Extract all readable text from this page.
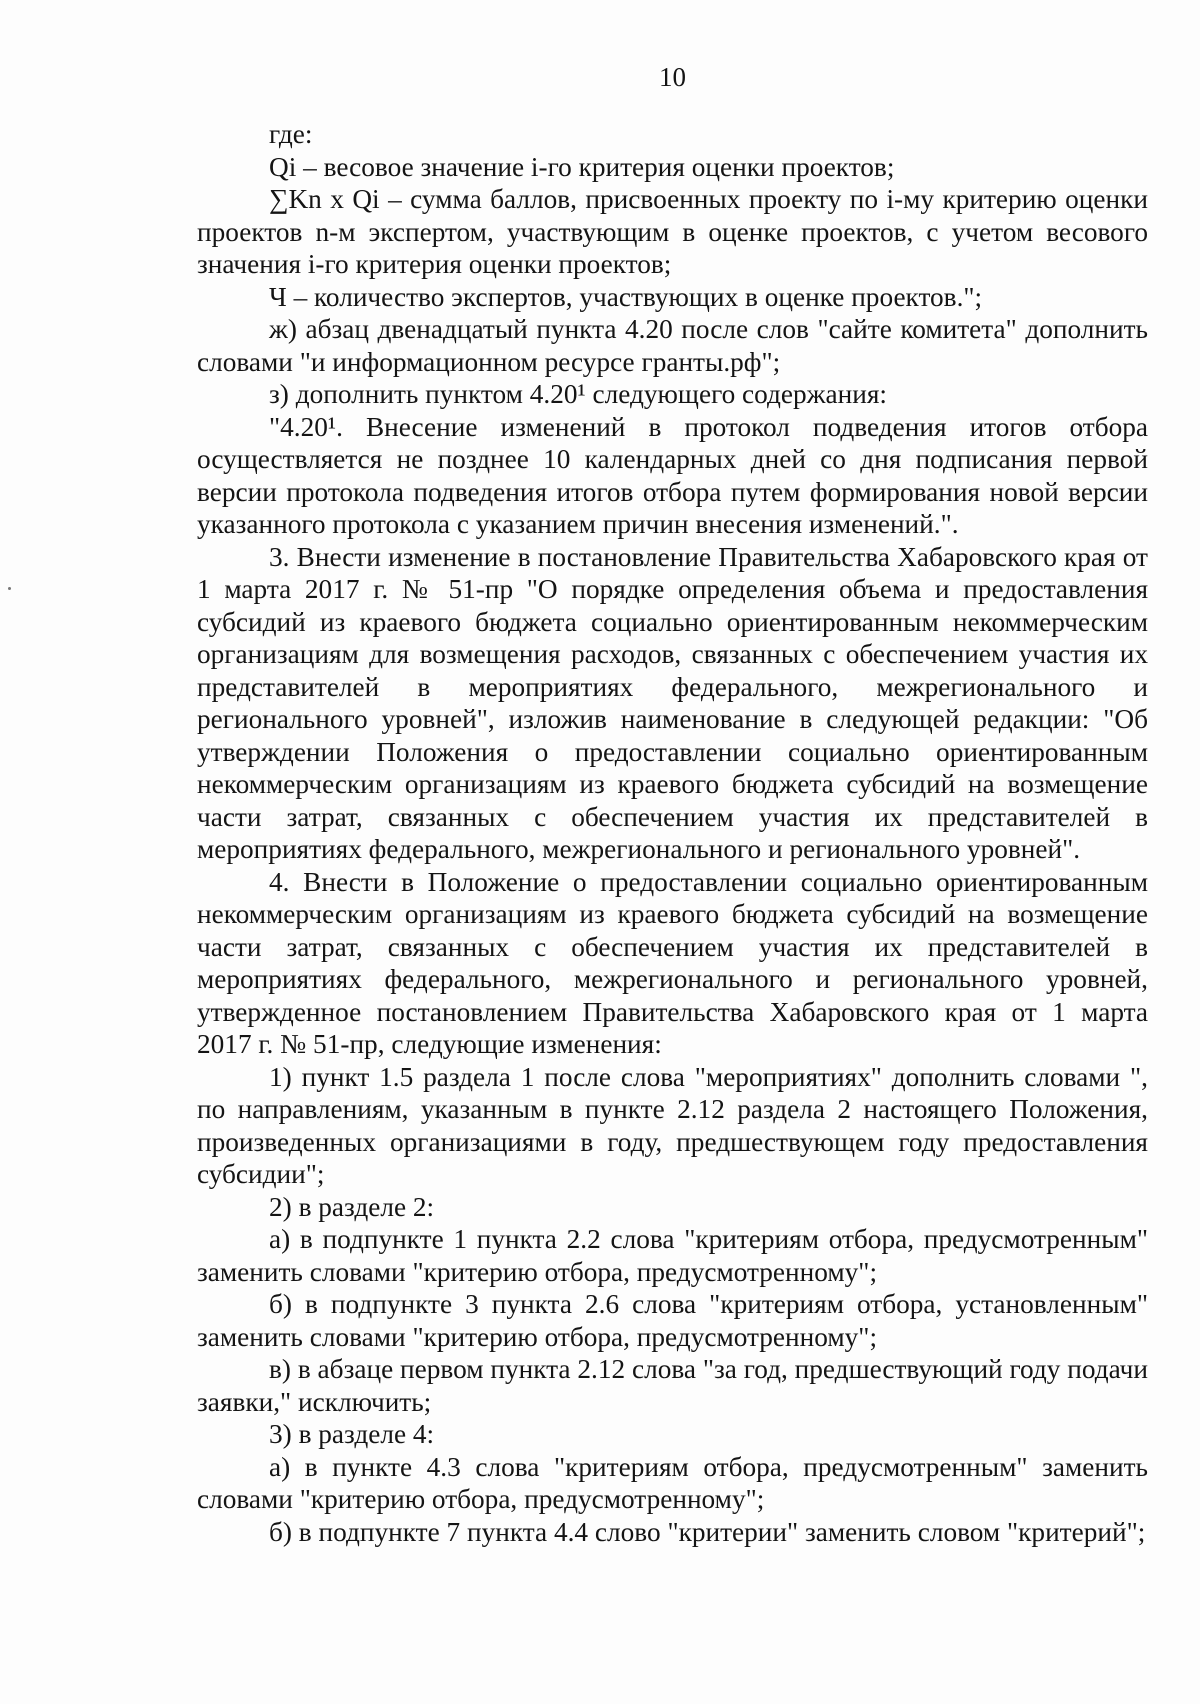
10

где:

Qi – весовое значение i-го критерия оценки проектов;

∑Kn x Qi – сумма баллов, присвоенных проекту по i-му критерию оценки проектов n-м экспертом, участвующим в оценке проектов, с учетом весового значения i-го критерия оценки проектов;

Ч – количество экспертов, участвующих в оценке проектов.";

ж) абзац двенадцатый пункта 4.20 после слов "сайте комитета" дополнить словами "и информационном ресурсе гранты.рф";

з) дополнить пунктом 4.20¹ следующего содержания:

"4.20¹. Внесение изменений в протокол подведения итогов отбора осуществляется не позднее 10 календарных дней со дня подписания первой версии протокола подведения итогов отбора путем формирования новой версии указанного протокола с указанием причин внесения изменений.".

3. Внести изменение в постановление Правительства Хабаровского края от 1 марта 2017 г. № 51-пр "О порядке определения объема и предоставления субсидий из краевого бюджета социально ориентированным некоммерческим организациям для возмещения расходов, связанных с обеспечением участия их представителей в мероприятиях федерального, межрегионального и регионального уровней", изложив наименование в следующей редакции: "Об утверждении Положения о предоставлении социально ориентированным некоммерческим организациям из краевого бюджета субсидий на возмещение части затрат, связанных с обеспечением участия их представителей в мероприятиях федерального, межрегионального и регионального уровней".

4. Внести в Положение о предоставлении социально ориентированным некоммерческим организациям из краевого бюджета субсидий на возмещение части затрат, связанных с обеспечением участия их представителей в мероприятиях федерального, межрегионального и регионального уровней, утвержденное постановлением Правительства Хабаровского края от 1 марта 2017 г. № 51-пр, следующие изменения:

1) пункт 1.5 раздела 1 после слова "мероприятиях" дополнить словами ", по направлениям, указанным в пункте 2.12 раздела 2 настоящего Положения, произведенных организациями в году, предшествующем году предоставления субсидии";

2) в разделе 2:

а) в подпункте 1 пункта 2.2 слова "критериям отбора, предусмотренным" заменить словами "критерию отбора, предусмотренному";

б) в подпункте 3 пункта 2.6 слова "критериям отбора, установленным" заменить словами "критерию отбора, предусмотренному";

в) в абзаце первом пункта 2.12 слова "за год, предшествующий году подачи заявки," исключить;

3) в разделе 4:

а) в пункте 4.3 слова "критериям отбора, предусмотренным" заменить словами "критерию отбора, предусмотренному";

б) в подпункте 7 пункта 4.4 слово "критерии" заменить словом "критерий";
